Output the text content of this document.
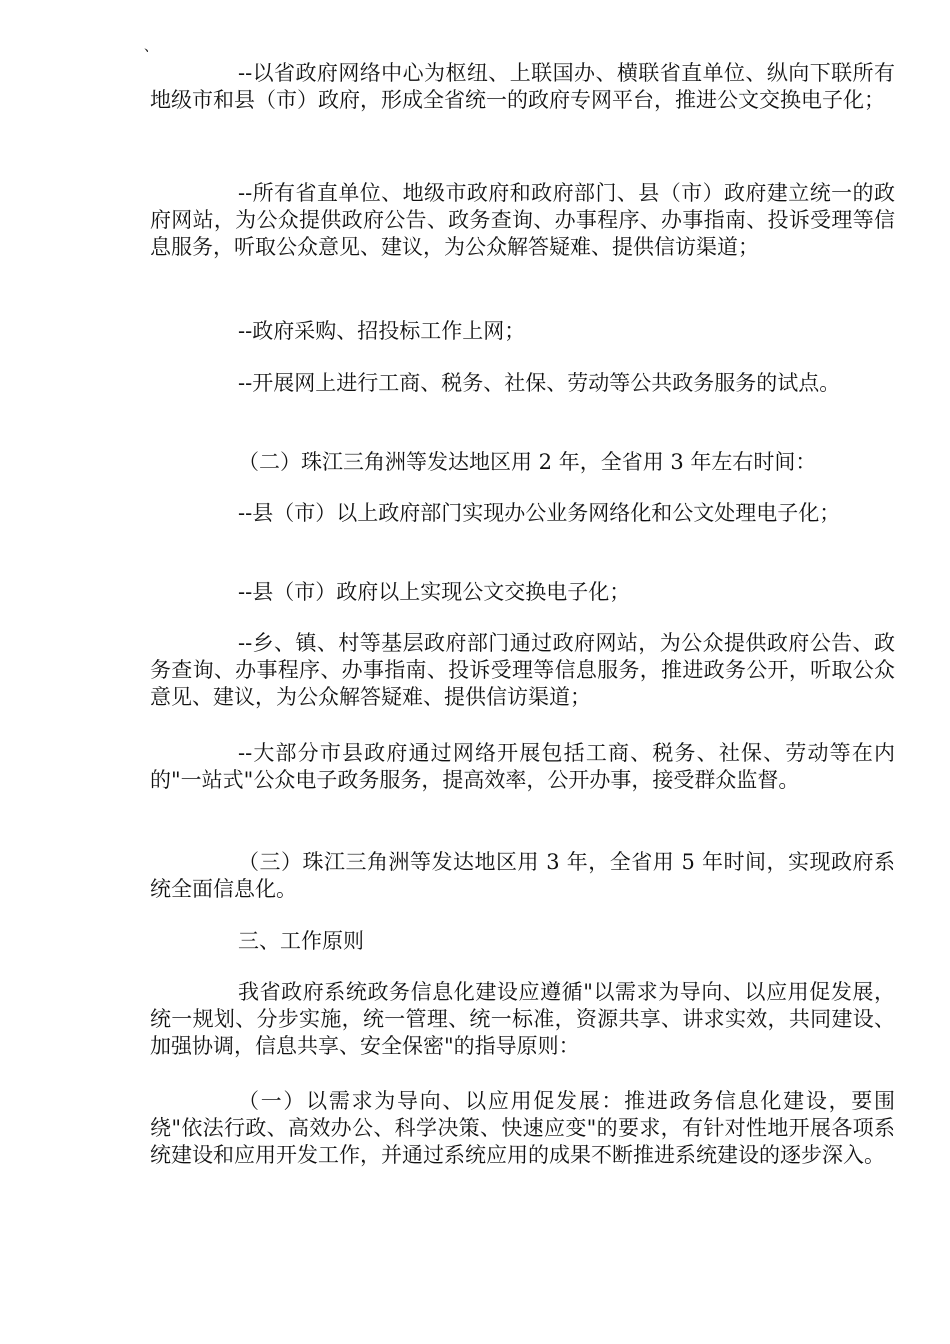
、

--以省政府网络中心为枢纽、上联国办、横联省直单位、纵向下联所有地级市和县（市）政府，形成全省统一的政府专网平台，推进公文交换电子化；

--所有省直单位、地级市政府和政府部门、县（市）政府建立统一的政府网站，为公众提供政府公告、政务查询、办事程序、办事指南、投诉受理等信息服务，听取公众意见、建议，为公众解答疑难、提供信访渠道；

--政府采购、招投标工作上网；

--开展网上进行工商、税务、社保、劳动等公共政务服务的试点。

（二）珠江三角洲等发达地区用 2 年，全省用 3 年左右时间：

--县（市）以上政府部门实现办公业务网络化和公文处理电子化；

--县（市）政府以上实现公文交换电子化；

--乡、镇、村等基层政府部门通过政府网站，为公众提供政府公告、政务查询、办事程序、办事指南、投诉受理等信息服务，推进政务公开，听取公众意见、建议，为公众解答疑难、提供信访渠道；

--大部分市县政府通过网络开展包括工商、税务、社保、劳动等在内的"一站式"公众电子政务服务，提高效率，公开办事，接受群众监督。

（三）珠江三角洲等发达地区用 3 年，全省用 5 年时间，实现政府系统全面信息化。

三、工作原则

我省政府系统政务信息化建设应遵循"以需求为导向、以应用促发展，统一规划、分步实施，统一管理、统一标准，资源共享、讲求实效，共同建设、加强协调，信息共享、安全保密"的指导原则：

（一）以需求为导向、以应用促发展：推进政务信息化建设，要围绕"依法行政、高效办公、科学决策、快速应变"的要求，有针对性地开展各项系统建设和应用开发工作，并通过系统应用的成果不断推进系统建设的逐步深入。
